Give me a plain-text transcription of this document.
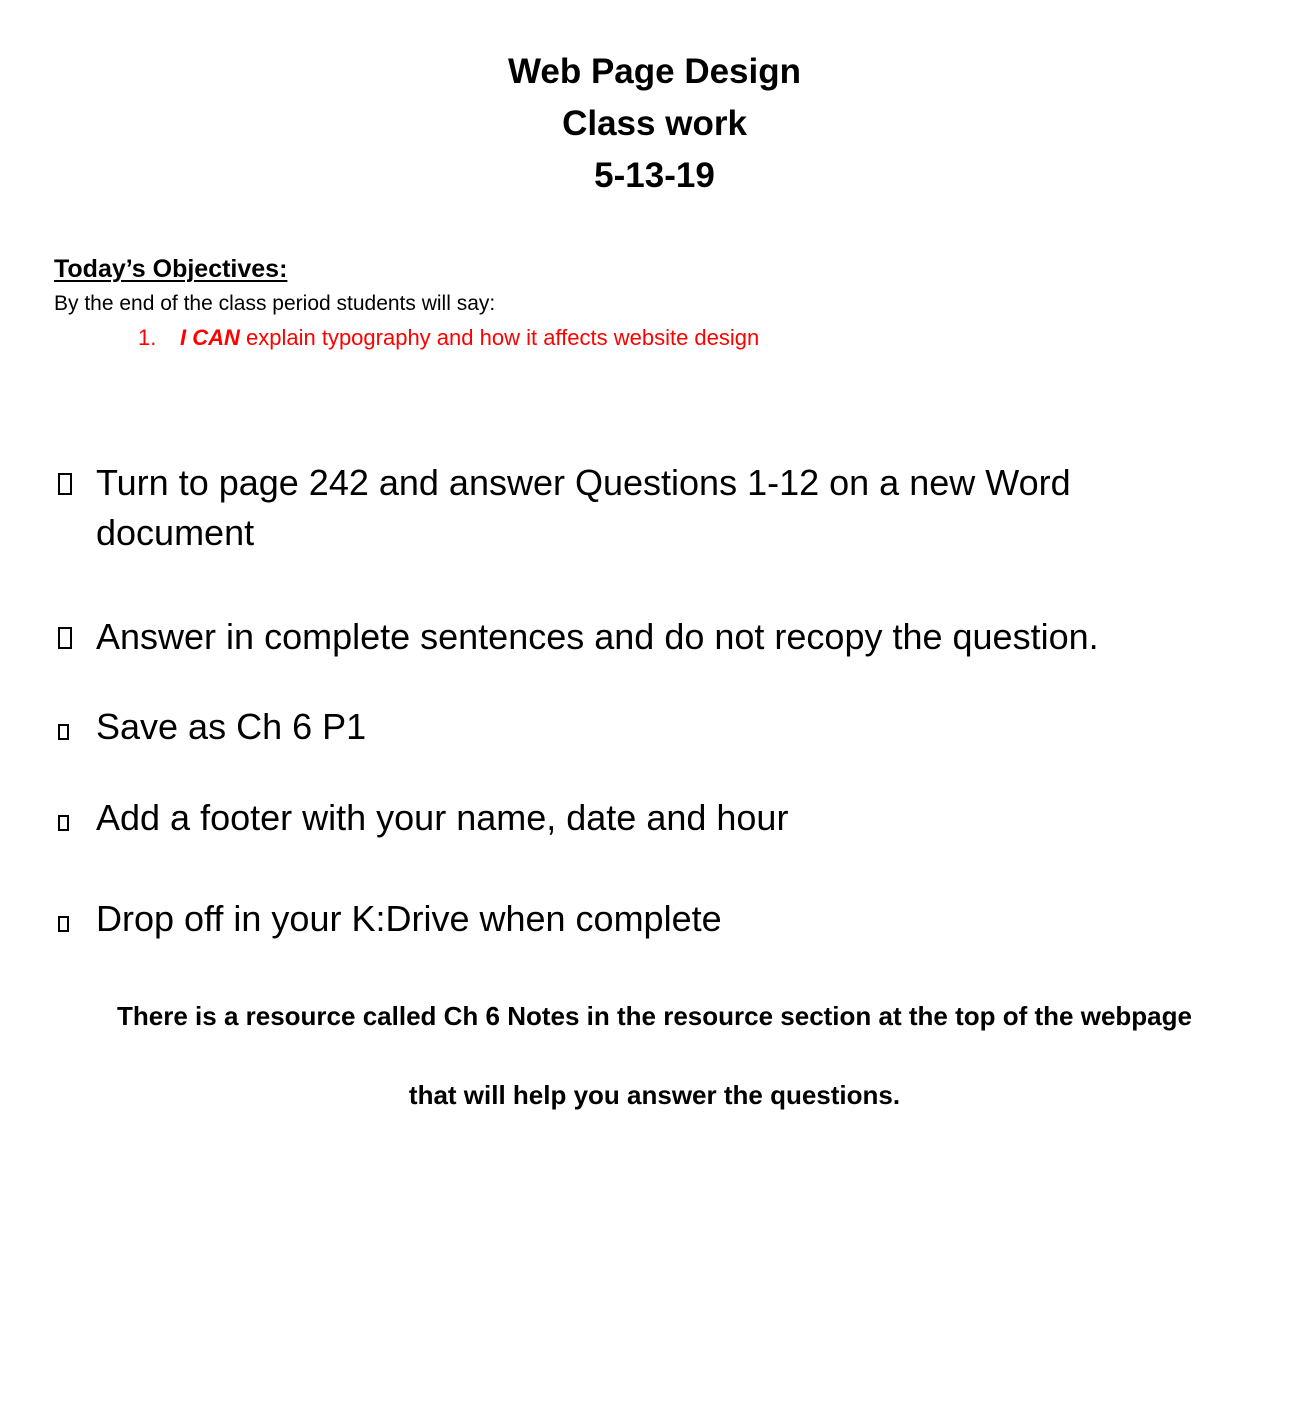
Web Page Design
Class work
5-13-19
Today’s Objectives:
By the end of the class period students will say:
1. I CAN explain typography and how it affects website design
Turn to page 242 and answer Questions 1-12 on a new Word document
Answer in complete sentences and do not recopy the question.
Save as Ch 6 P1
Add a footer with your name, date and hour
Drop off in your K:Drive when complete
There is a resource called Ch 6 Notes in the resource section at the top of the webpage
that will help you answer the questions.
